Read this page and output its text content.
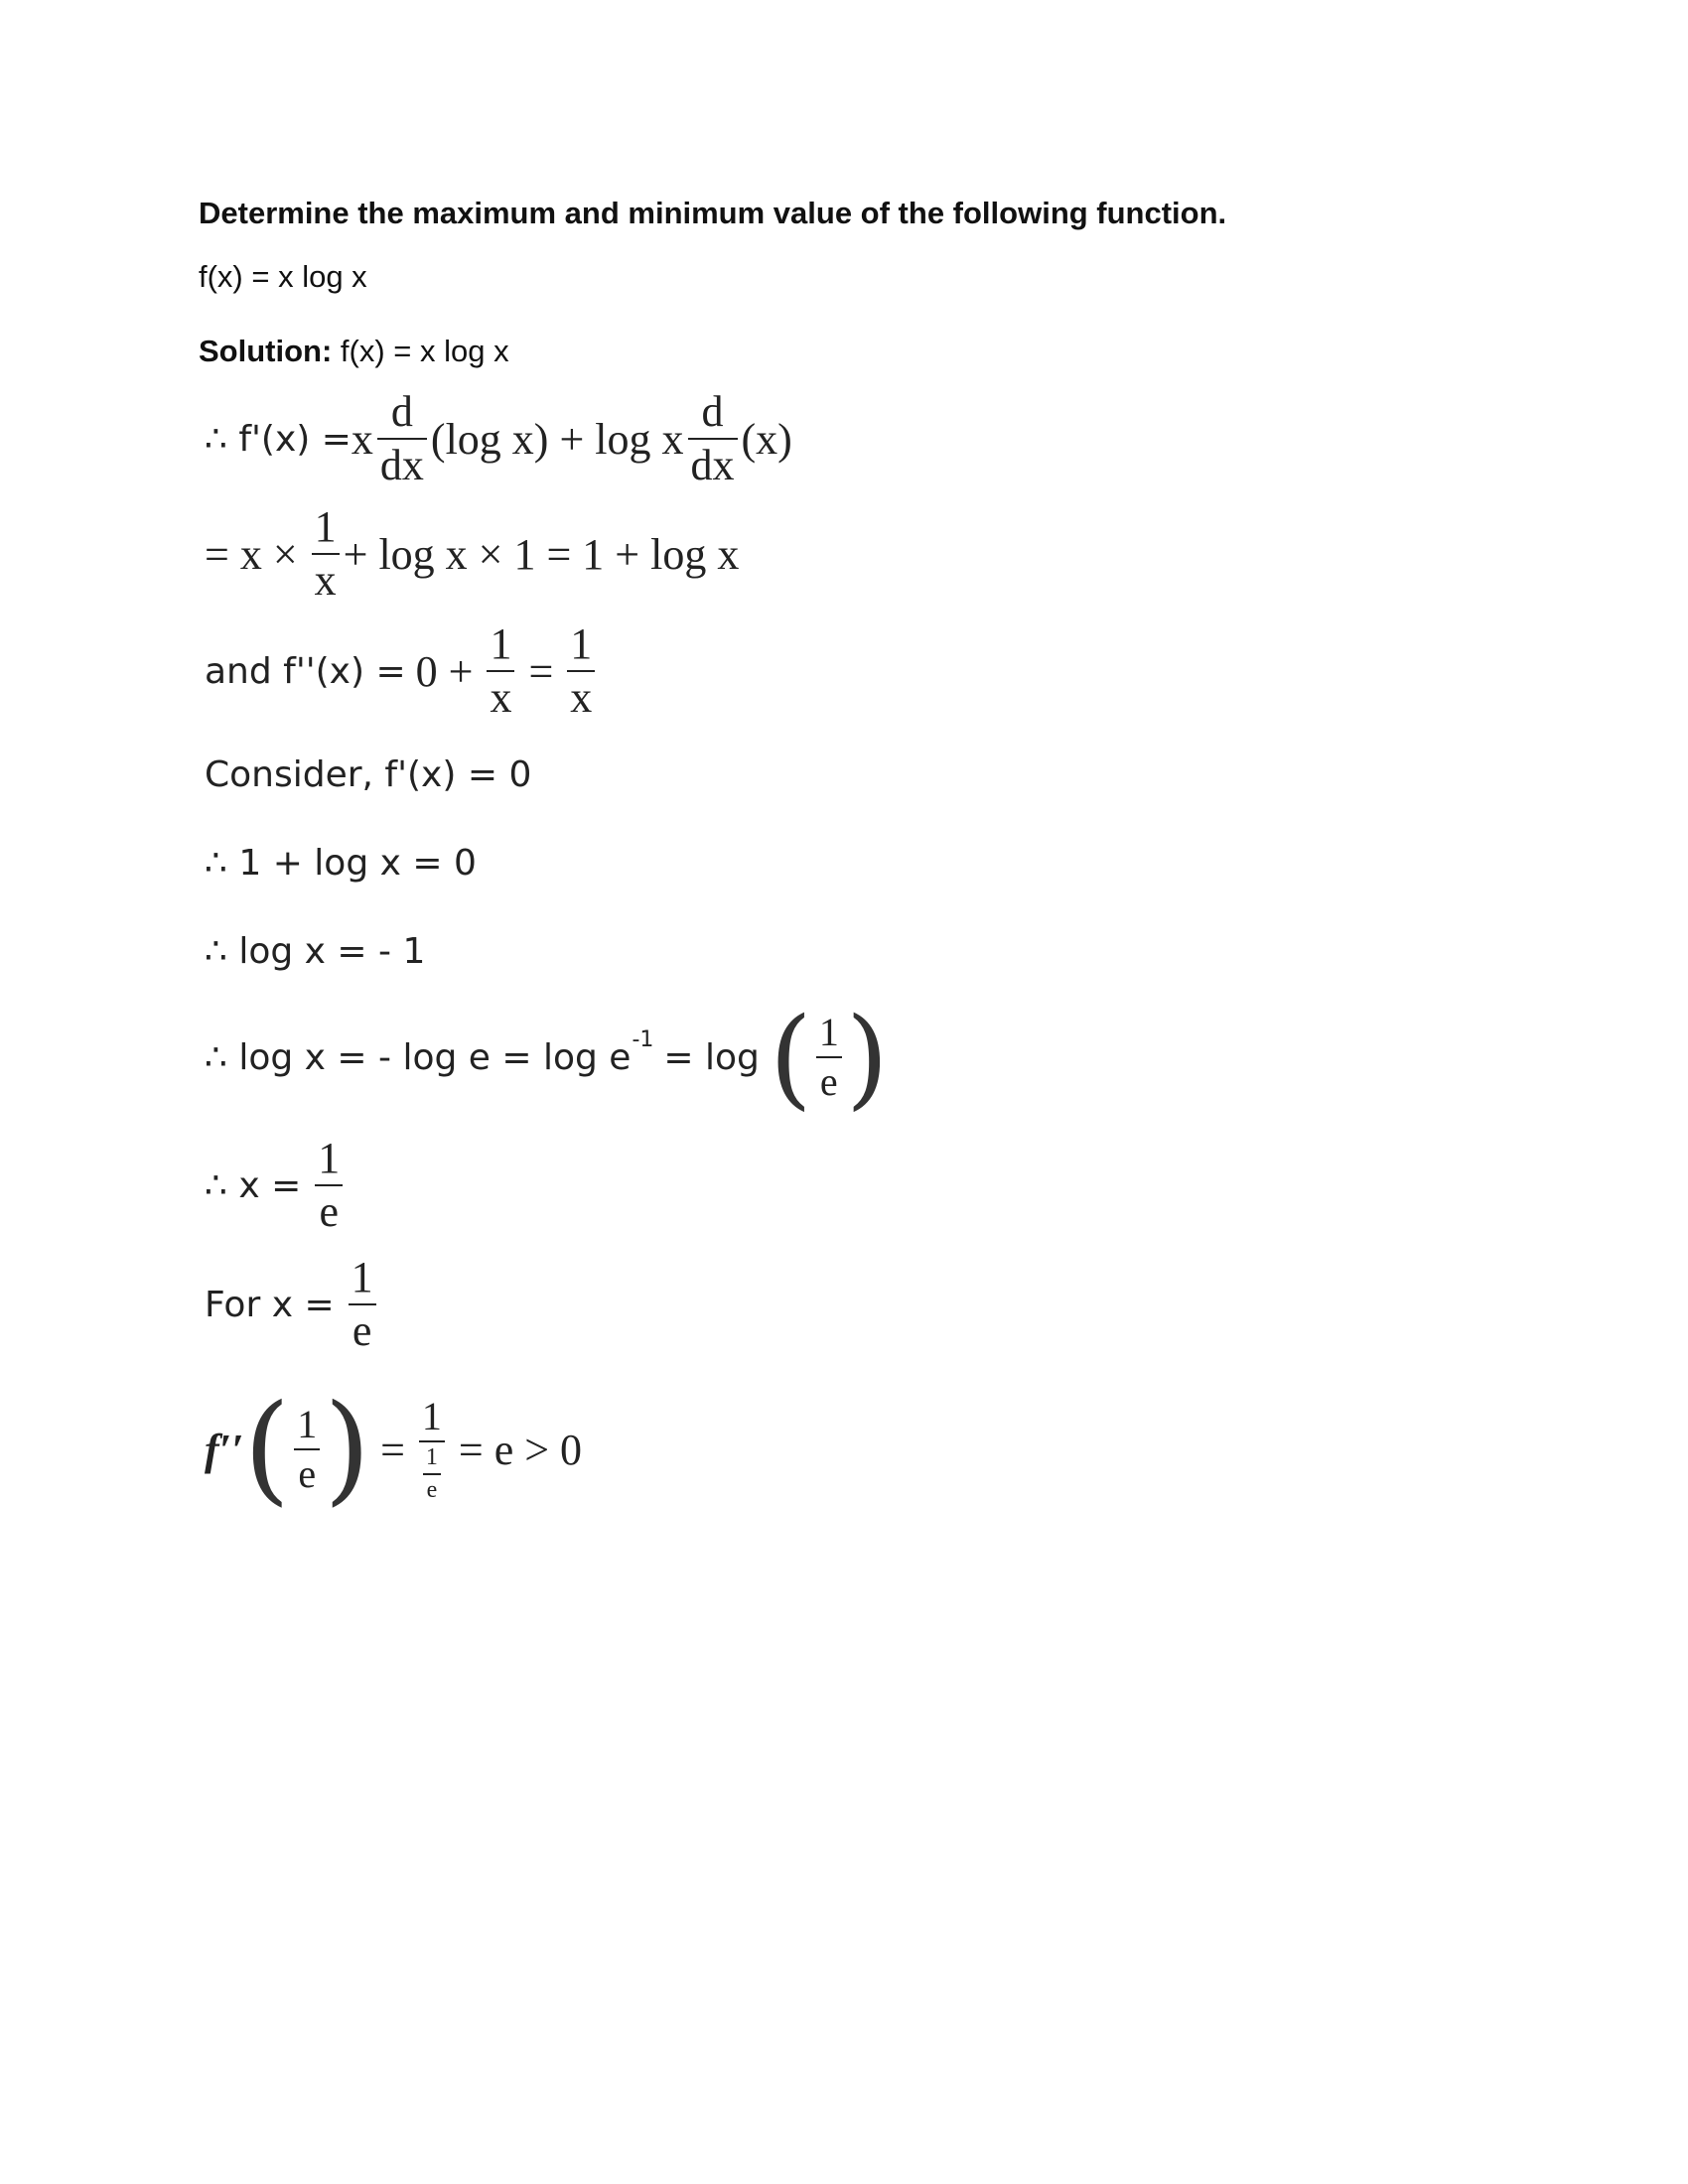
Determine the maximum and minimum value of the following function.
f(x) = x log x
Solution: f(x) = x log x
∴ f'(x) = x $\frac{d}{dx} (\log$ x) + log x $\frac{d}{dx} (x)$
= $x \times \frac{1}{x} + \log x \times 1 = 1 + \log x$
and $f''(x) = 0 + \frac{1}{x} = \frac{1}{x}$
Consider, f'(x) = 0
∴ 1 + log x = 0
∴ log x = - 1
∴ log x = - log e = log e -1 = log ( $\frac{1}{e}$ )
∴ $x = \frac{1}{e}$
For $x = \frac{1}{e}$
f′′ ( $\frac{1}{e}$ ) = $\frac{1}{\frac{1}{e}} = e > 0$
